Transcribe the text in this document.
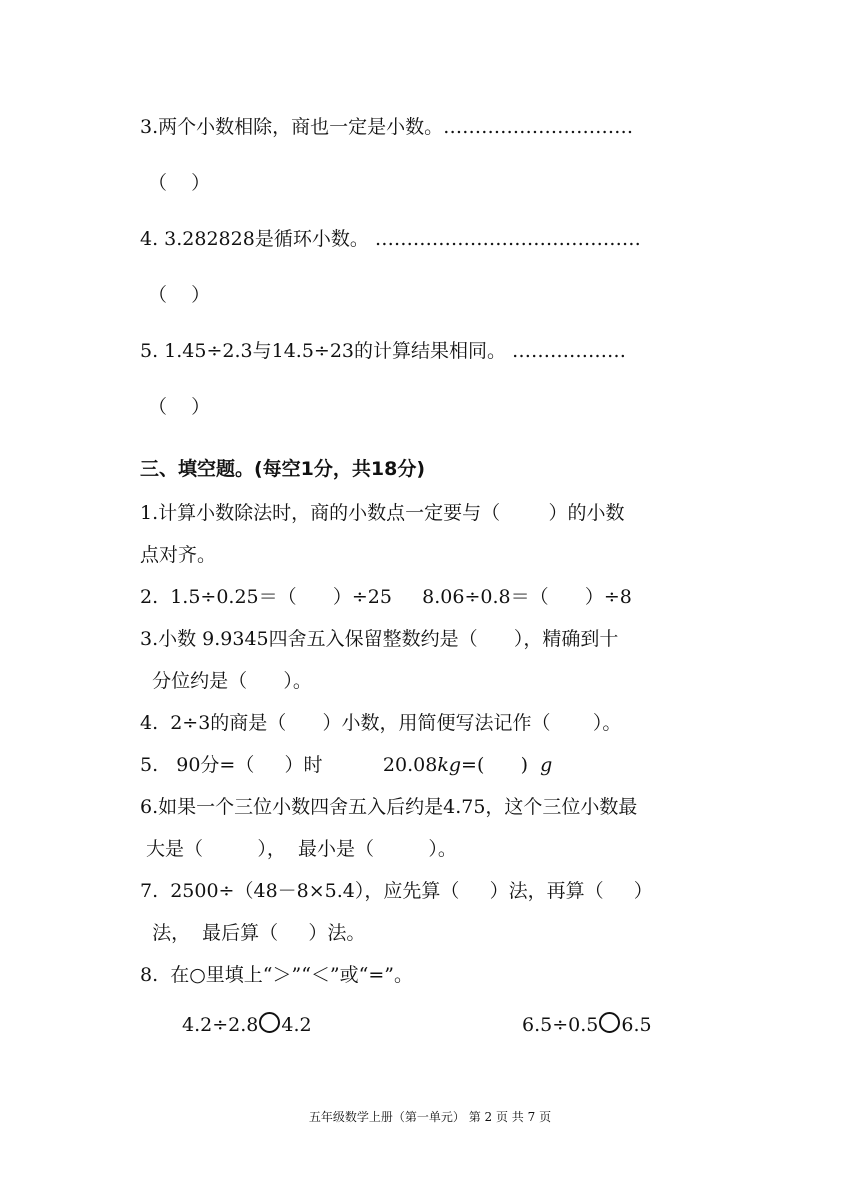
3.两个小数相除，商也一定是小数。…………………………
（    ）
4. 3.282828是循环小数。 ……………………………………
（    ）
5. 1.45÷2.3与14.5÷23的计算结果相同。 ………………
（    ）
三、填空题。(每空1分，共18分)
1.计算小数除法时，商的小数点一定要与（        ）的小数
点对齐。
2.  1.5÷0.25＝（      ）÷25     8.06÷0.8＝（      ）÷8
3.小数 9.9345四舍五入保留整数约是（      ），精确到十
分位约是（      ）。
4.  2÷3的商是（      ）小数，用简便写法记作（       ）。
5.   90分=（     ）时          20.08kg=(      )  g
6.如果一个三位小数四舍五入后约是4.75，这个三位小数最
大是（         ），  最小是（         ）。
7.  2500÷（48－8×5.4），应先算（     ）法，再算（     ）
法，  最后算（     ）法。
8.  在○里填上“＞”“＜”或“=”。
4.2÷2.8 4.2	6.5÷0.5 6.5
五年级数学上册（第一单元） 第 2 页 共 7 页
